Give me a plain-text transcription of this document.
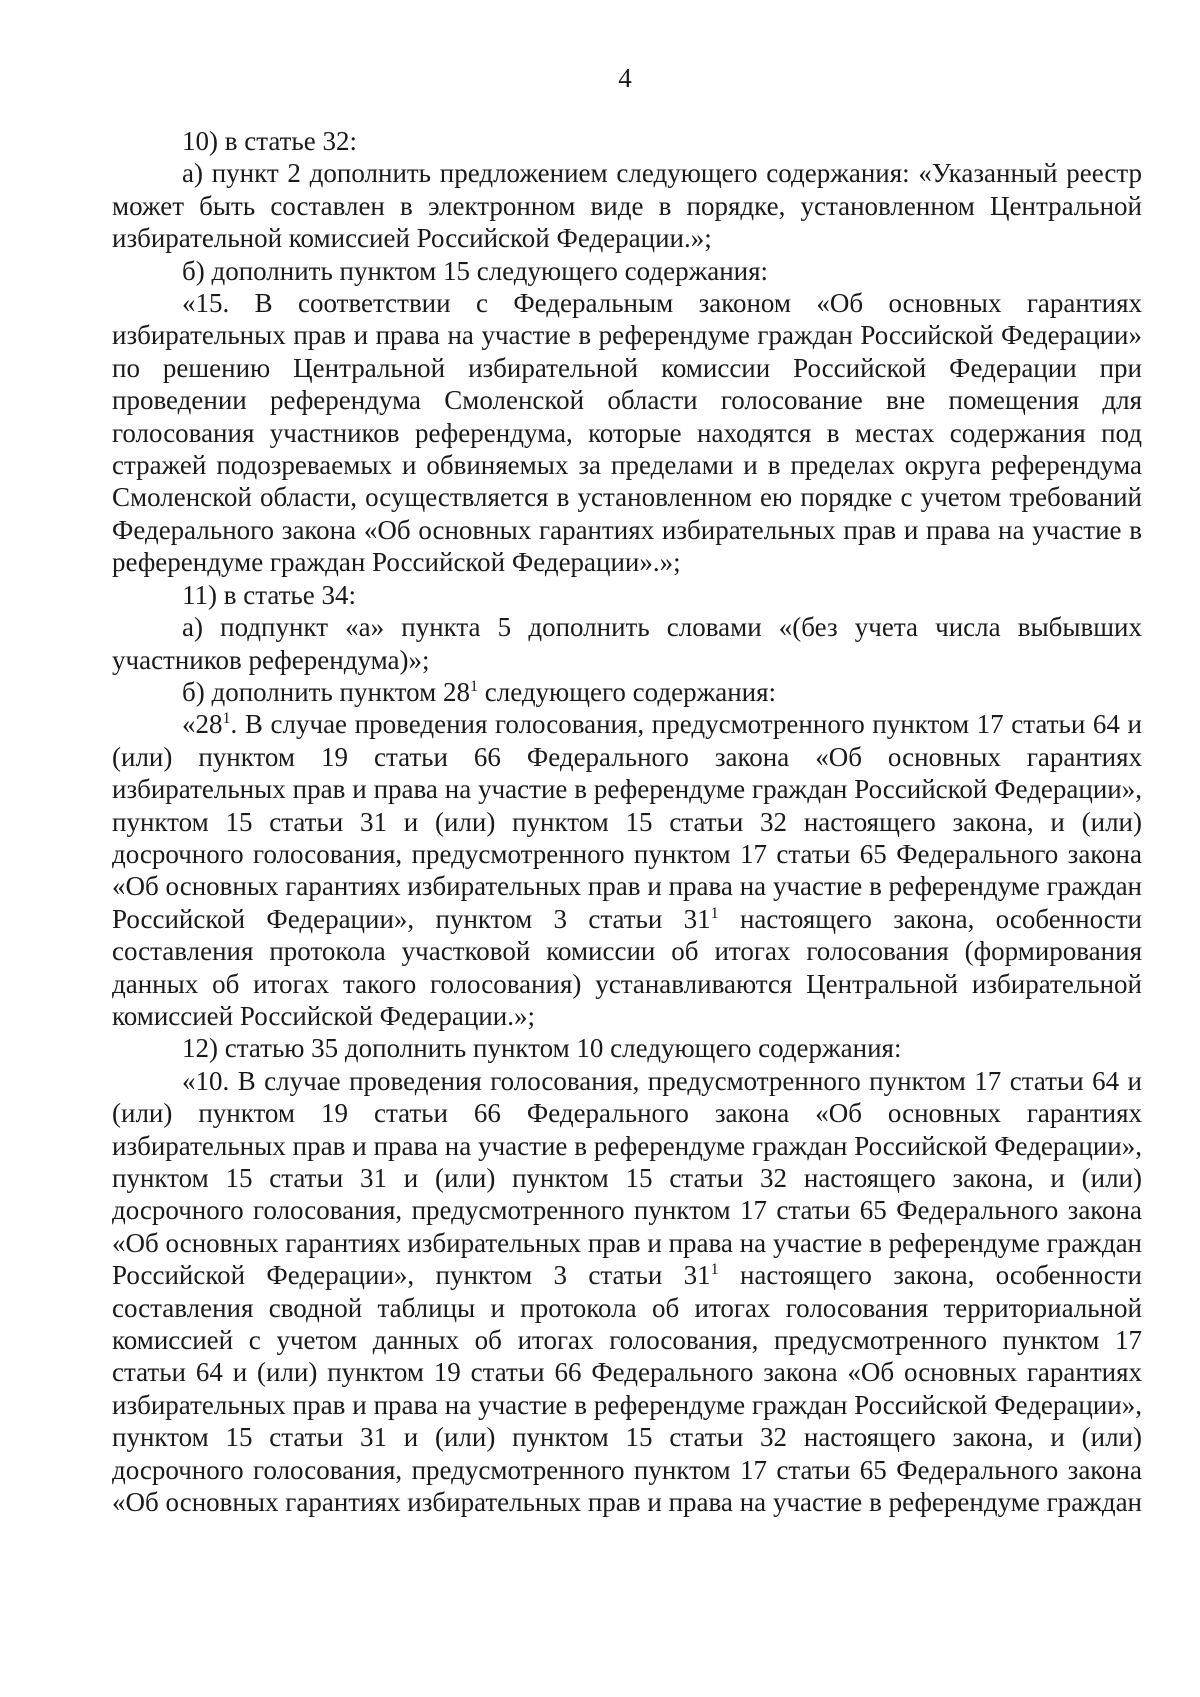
4

10) в статье 32:

а) пункт 2 дополнить предложением следующего содержания: «Указанный реестр может быть составлен в электронном виде в порядке, установленном Центральной избирательной комиссией Российской Федерации.»;

б) дополнить пунктом 15 следующего содержания:

«15. В соответствии с Федеральным законом «Об основных гарантиях избирательных прав и права на участие в референдуме граждан Российской Федерации» по решению Центральной избирательной комиссии Российской Федерации при проведении референдума Смоленской области голосование вне помещения для голосования участников референдума, которые находятся в местах содержания под стражей подозреваемых и обвиняемых за пределами и в пределах округа референдума Смоленской области, осуществляется в установленном ею порядке с учетом требований Федерального закона «Об основных гарантиях избирательных прав и права на участие в референдуме граждан Российской Федерации».»;

11) в статье 34:

а) подпункт «а» пункта 5 дополнить словами «(без учета числа выбывших участников референдума)»;

б) дополнить пунктом $28^1$ следующего содержания:

«$28^1$. В случае проведения голосования, предусмотренного пунктом 17 статьи 64 и (или) пунктом 19 статьи 66 Федерального закона «Об основных гарантиях избирательных прав и права на участие в референдуме граждан Российской Федерации», пунктом 15 статьи 31 и (или) пунктом 15 статьи 32 настоящего закона, и (или) досрочного голосования, предусмотренного пунктом 17 статьи 65 Федерального закона «Об основных гарантиях избирательных прав и права на участие в референдуме граждан Российской Федерации», пунктом 3 статьи $31^1$ настоящего закона, особенности составления протокола участковой комиссии об итогах голосования (формирования данных об итогах такого голосования) устанавливаются Центральной избирательной комиссией Российской Федерации.»;

12) статью 35 дополнить пунктом 10 следующего содержания:

«10. В случае проведения голосования, предусмотренного пунктом 17 статьи 64 и (или) пунктом 19 статьи 66 Федерального закона «Об основных гарантиях избирательных прав и права на участие в референдуме граждан Российской Федерации», пунктом 15 статьи 31 и (или) пунктом 15 статьи 32 настоящего закона, и (или) досрочного голосования, предусмотренного пунктом 17 статьи 65 Федерального закона «Об основных гарантиях избирательных прав и права на участие в референдуме граждан Российской Федерации», пунктом 3 статьи $31^1$ настоящего закона, особенности составления сводной таблицы и протокола об итогах голосования территориальной комиссией с учетом данных об итогах голосования, предусмотренного пунктом 17 статьи 64 и (или) пунктом 19 статьи 66 Федерального закона «Об основных гарантиях избирательных прав и права на участие в референдуме граждан Российской Федерации», пунктом 15 статьи 31 и (или) пунктом 15 статьи 32 настоящего закона, и (или) досрочного голосования, предусмотренного пунктом 17 статьи 65 Федерального закона «Об основных гарантиях избирательных прав и права на участие в референдуме граждан
